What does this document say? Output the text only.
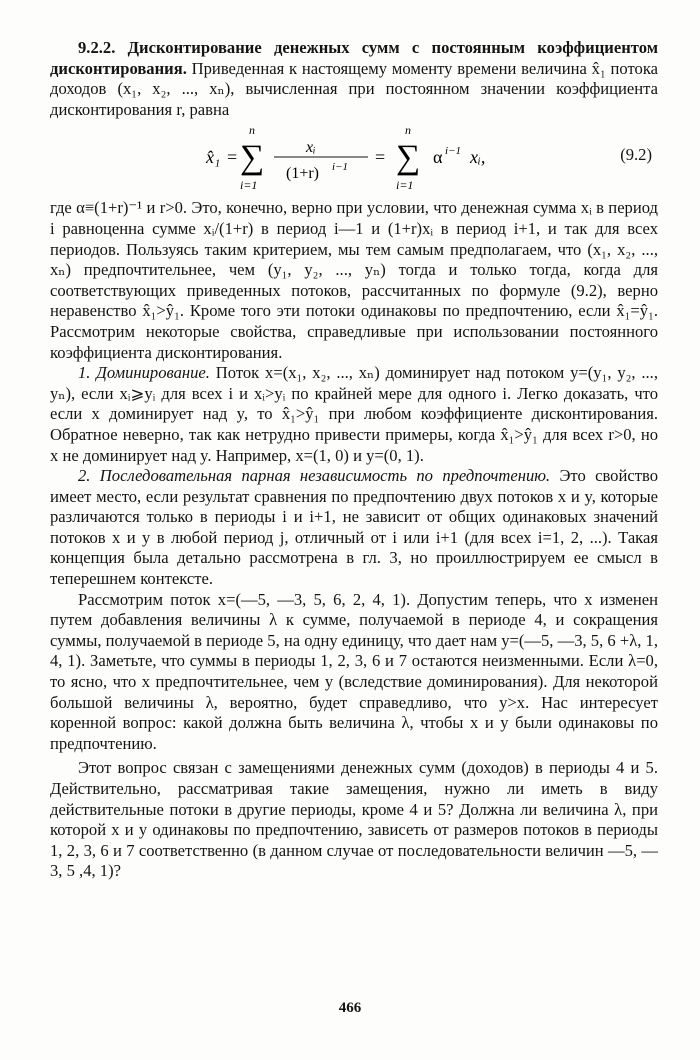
9.2.2. Дисконтирование денежных сумм с постоянным коэффициентом дисконтирования. Приведенная к настоящему моменту времени величина x̂₁ потока доходов (x₁, x₂, ..., xₙ), вычисленная при постоянном значении коэффициента дисконтирования r, равна

x̂₁ =
n
∑
i=1
xᵢ
(1+r) i−1 =
n
∑
i=1
α i−1 xᵢ,	(9.2)

где α≡(1+r)⁻¹ и r>0. Это, конечно, верно при условии, что денежная сумма xᵢ в период i равноценна сумме xᵢ/(1+r) в период i—1 и (1+r)xᵢ в период i+1, и так для всех периодов. Пользуясь таким критерием, мы тем самым предполагаем, что (x₁, x₂, ..., xₙ) предпочтительнее, чем (y₁, y₂, ..., yₙ) тогда и только тогда, когда для соответствующих приведенных потоков, рассчитанных по формуле (9.2), верно неравенство x̂₁>ŷ₁. Кроме того эти потоки одинаковы по предпочтению, если x̂₁=ŷ₁. Рассмотрим некоторые свойства, справедливые при использовании постоянного коэффициента дисконтирования.

1. Доминирование. Поток x=(x₁, x₂, ..., xₙ) доминирует над потоком y=(y₁, y₂, ..., yₙ), если xᵢ⩾yᵢ для всех i и xᵢ>yᵢ по крайней мере для одного i. Легко доказать, что если x доминирует над y, то x̂₁>ŷ₁ при любом коэффициенте дисконтирования. Обратное неверно, так как нетрудно привести примеры, когда x̂₁>ŷ₁ для всех r>0, но x не доминирует над y. Например, x=(1, 0) и y=(0, 1).

2. Последовательная парная независимость по предпочтению. Это свойство имеет место, если результат сравнения по предпочтению двух потоков x и y, которые различаются только в периоды i и i+1, не зависит от общих одинаковых значений потоков x и y в любой период j, отличный от i или i+1 (для всех i=1, 2, ...). Такая концепция была детально рассмотрена в гл. 3, но проиллюстрируем ее смысл в теперешнем контексте.

Рассмотрим поток x=(—5, —3, 5, 6, 2, 4, 1). Допустим теперь, что x изменен путем добавления величины λ к сумме, получаемой в периоде 4, и сокращения суммы, получаемой в периоде 5, на одну единицу, что дает нам y=(—5, —3, 5, 6 +λ, 1, 4, 1). Заметьте, что суммы в периоды 1, 2, 3, 6 и 7 остаются неизменными. Если λ=0, то ясно, что x предпочтительнее, чем y (вследствие доминирования). Для некоторой большой величины λ, вероятно, будет справедливо, что y>x. Нас интересует коренной вопрос: какой должна быть величина λ, чтобы x и y были одинаковы по предпочтению.

Этот вопрос связан с замещениями денежных сумм (доходов) в периоды 4 и 5. Действительно, рассматривая такие замещения, нужно ли иметь в виду действительные потоки в другие периоды, кроме 4 и 5? Должна ли величина λ, при которой x и y одинаковы по предпочтению, зависеть от размеров потоков в периоды 1, 2, 3, 6 и 7 соответственно (в данном случае от последовательности величин —5, —3, 5 ,4, 1)?

466
